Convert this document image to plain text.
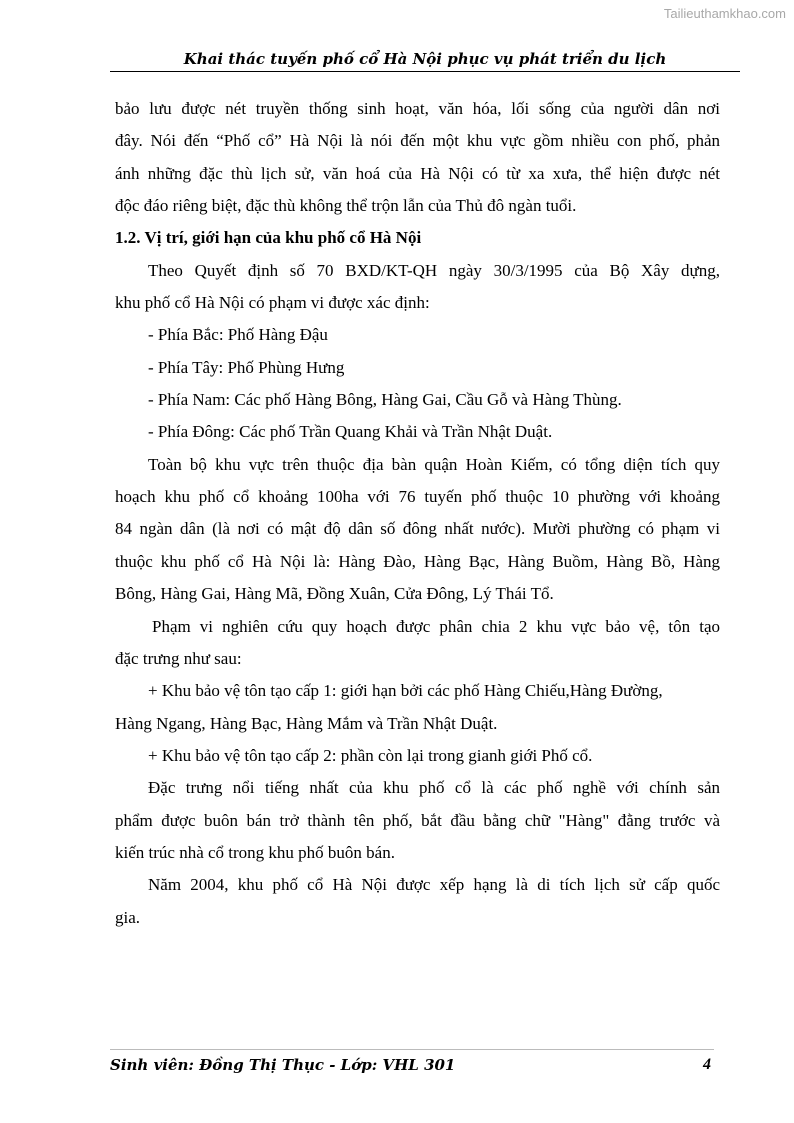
Tailieuthamkhao.com
Khai thác tuyến phố cổ Hà Nội phục vụ phát triển du lịch
bảo lưu được nét truyền thống sinh hoạt, văn hóa, lối sống của người dân nơi
đây. Nói đến “Phố cổ” Hà Nội là nói đến một khu vực gồm nhiều con phố, phản
ánh những đặc thù lịch sử, văn hoá của Hà Nội có từ xa xưa, thể hiện được nét
độc đáo riêng biệt, đặc thù không thể trộn lẫn của Thủ đô ngàn tuổi.
1.2. Vị trí, giới hạn của khu phố cổ Hà Nội
Theo Quyết định số 70 BXD/KT-QH ngày 30/3/1995 của Bộ Xây dựng,
khu phố cổ Hà Nội có phạm vi được xác định:
- Phía Bắc: Phố Hàng Đậu
- Phía Tây: Phố Phùng Hưng
- Phía Nam: Các phố Hàng Bông, Hàng Gai, Cầu Gỗ và Hàng Thùng.
- Phía Đông: Các phố Trần Quang Khải và Trần Nhật Duật.
Toàn bộ khu vực trên thuộc địa bàn quận Hoàn Kiếm, có tổng diện tích quy
hoạch khu phố cổ khoảng 100ha với 76 tuyến phố thuộc 10 phường với khoảng
84 ngàn dân (là nơi có mật độ dân số đông nhất nước). Mười phường có phạm vi
thuộc khu phố cổ Hà Nội là: Hàng Đào, Hàng Bạc, Hàng Buồm, Hàng Bồ, Hàng
Bông, Hàng Gai, Hàng Mã, Đồng Xuân, Cửa Đông, Lý Thái Tổ.
Phạm vi nghiên cứu quy hoạch được phân chia 2 khu vực bảo vệ, tôn tạo
đặc trưng như sau:
+ Khu bảo vệ tôn tạo cấp 1: giới hạn bởi các phố Hàng Chiếu,Hàng Đường,
Hàng Ngang, Hàng Bạc, Hàng Mắm và Trần Nhật Duật.
+ Khu bảo vệ tôn tạo cấp 2: phần còn lại trong gianh giới Phố cổ.
Đặc trưng nổi tiếng nhất của khu phố cổ là các phố nghề với chính sản
phẩm được buôn bán trở thành tên phố, bắt đầu bằng chữ "Hàng" đằng trước và
kiến trúc nhà cổ trong khu phố buôn bán.
Năm 2004, khu phố cổ Hà Nội được xếp hạng là di tích lịch sử cấp quốc
gia.
Sinh viên: Đồng Thị Thục - Lớp: VHL 301	4
